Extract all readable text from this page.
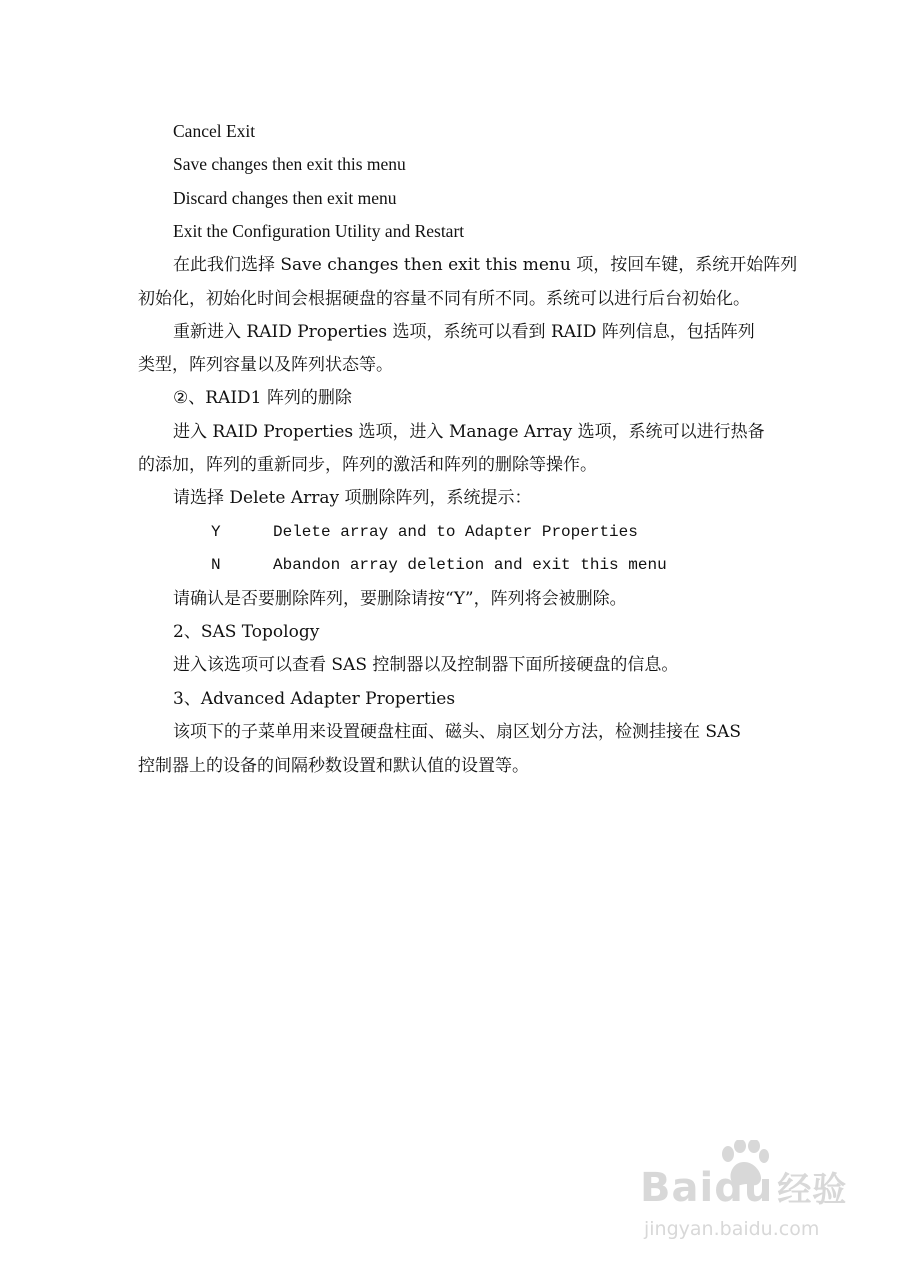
Cancel Exit
Save changes then exit this menu
Discard changes then exit menu
Exit the Configuration Utility and Restart
在此我们选择 Save changes then exit this menu 项，按回车键，系统开始阵列
初始化，初始化时间会根据硬盘的容量不同有所不同。系统可以进行后台初始化。
重新进入 RAID Properties 选项，系统可以看到 RAID 阵列信息，包括阵列
类型，阵列容量以及阵列状态等。
②、RAID1 阵列的删除
进入 RAID Properties 选项，进入 Manage Array 选项，系统可以进行热备
的添加，阵列的重新同步，阵列的激活和阵列的删除等操作。
请选择 Delete Array 项删除阵列，系统提示：
Y	Delete array and to Adapter Properties
N	Abandon array deletion and exit this menu
请确认是否要删除阵列，要删除请按“Y”，阵列将会被删除。
2、SAS Topology
进入该选项可以查看 SAS 控制器以及控制器下面所接硬盘的信息。
3、Advanced Adapter Properties
该项下的子菜单用来设置硬盘柱面、磁头、扇区划分方法，检测挂接在 SAS
控制器上的设备的间隔秒数设置和默认值的设置等。
Baidu 经验
jingyan.baidu.com
